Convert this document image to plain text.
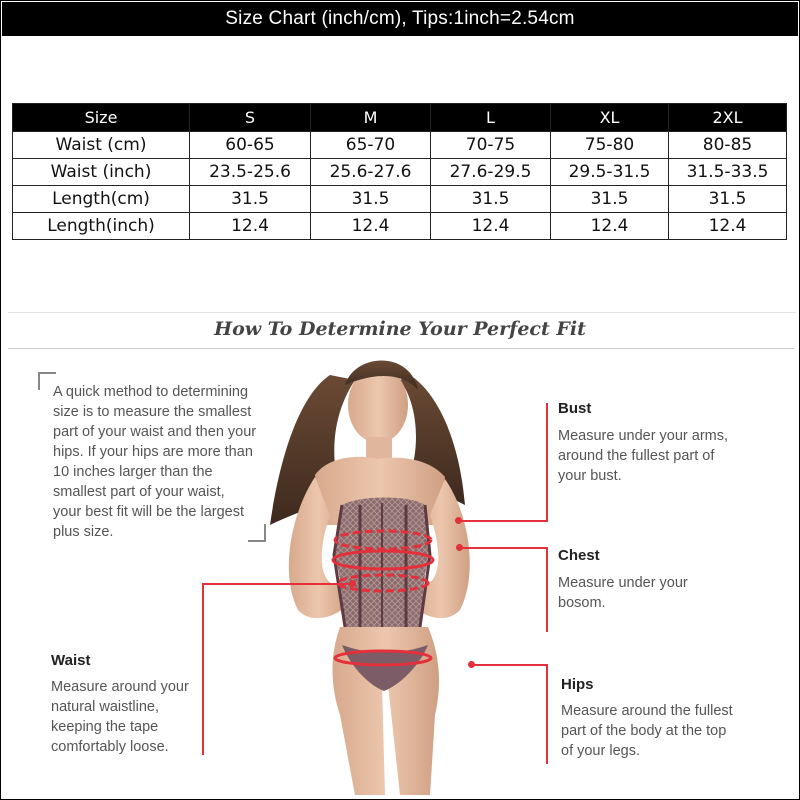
Size Chart (inch/cm), Tips:1inch=2.54cm
Size	S	M	L	XL	2XL
Waist (cm)	60-65	65-70	70-75	75-80	80-85
Waist (inch)	23.5-25.6	25.6-27.6	27.6-29.5	29.5-31.5	31.5-33.5
Length(cm)	31.5	31.5	31.5	31.5	31.5
Length(inch)	12.4	12.4	12.4	12.4	12.4
How To Determine Your Perfect Fit
A quick method to determining
size is to measure the smallest
part of your waist and then your
hips. If your hips are more than
10 inches larger than the
smallest part of your waist,
your best fit will be the largest
plus size.
Bust
Measure under your arms,
around the fullest part of
your bust.
Chest
Measure under your
bosom.
Waist
Measure around your
natural waistline,
keeping the tape
comfortably loose.
Hips
Measure around the fullest
part of the body at the top
of your legs.
